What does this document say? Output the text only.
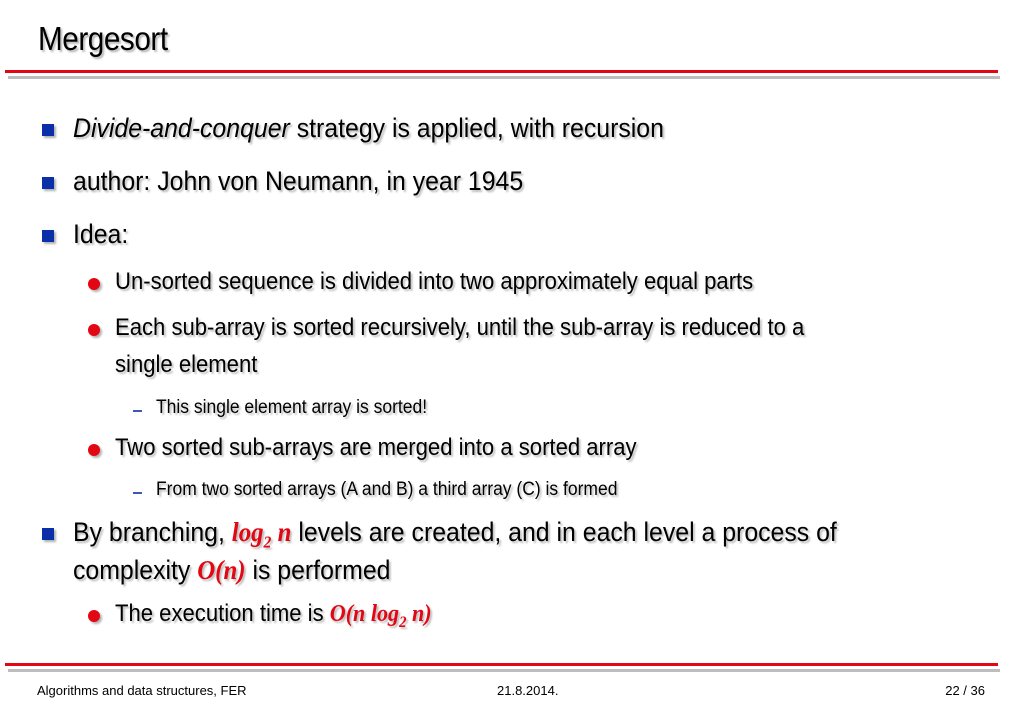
Mergesort
Divide-and-conquer strategy is applied, with recursion
author: John von Neumann, in year 1945
Idea:
Un-sorted sequence is divided into two approximately equal parts
Each sub-array is sorted recursively, until the sub-array is reduced to a
single element
This single element array is sorted!
Two sorted sub-arrays are merged into a sorted array
From two sorted arrays (A and B) a third array (C) is formed
By branching, $\log_2 n$ levels are created, and in each level a process of
complexity O(n) is performed
The execution time is O(n $\log_2 n$)
Algorithms and data structures, FER	21.8.2014.	22 / 36
